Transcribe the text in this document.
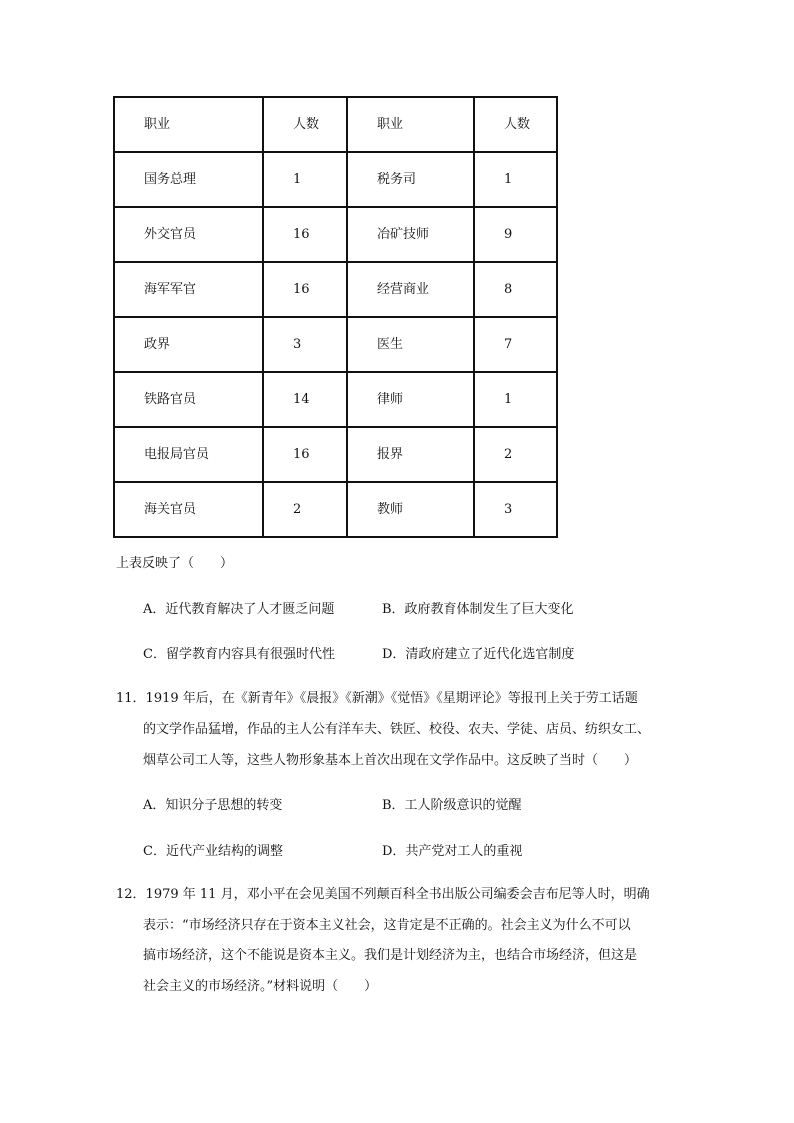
职业	人数	职业	人数
国务总理	1	税务司	1
外交官员	16	冶矿技师	9
海军军官	16	经营商业	8
政界	3	医生	7
铁路官员	14	律师	1
电报局官员	16	报界	2
海关官员	2	教师	3
上表反映了（　　）
A．近代教育解决了人才匮乏问题	B．政府教育体制发生了巨大变化
C．留学教育内容具有很强时代性	D．清政府建立了近代化选官制度
11．1919 年后，在《新青年》《晨报》《新潮》《觉悟》《星期评论》等报刊上关于劳工话题
的文学作品猛增，作品的主人公有洋车夫、铁匠、校役、农夫、学徒、店员、纺织女工、
烟草公司工人等，这些人物形象基本上首次出现在文学作品中。这反映了当时（　　）
A．知识分子思想的转变	B．工人阶级意识的觉醒
C．近代产业结构的调整	D．共产党对工人的重视
12．1979 年 11 月，邓小平在会见美国不列颠百科全书出版公司编委会吉布尼等人时，明确
表示：“市场经济只存在于资本主义社会，这肯定是不正确的。社会主义为什么不可以
搞市场经济，这个不能说是资本主义。我们是计划经济为主，也结合市场经济，但这是
社会主义的市场经济。”材料说明（　　）
